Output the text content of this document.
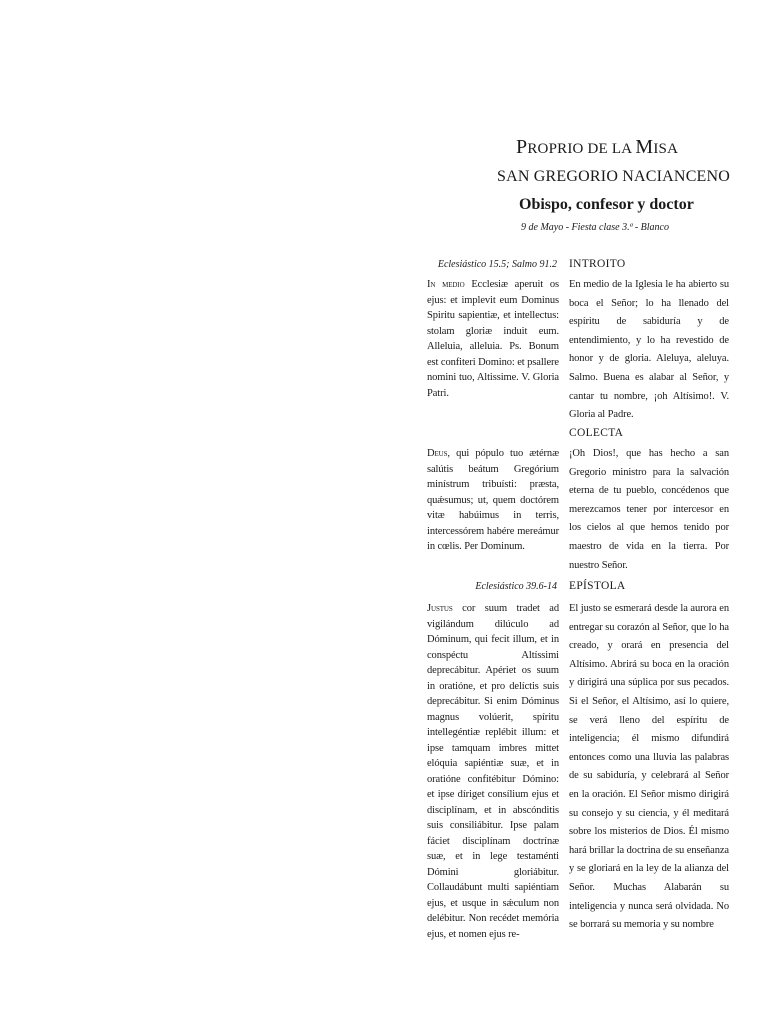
PROPRIO DE LA MISA
SAN GREGORIO NACIANCENO
Obispo, confesor y doctor
9 de Mayo - Fiesta clase 3.ª - Blanco
Eclesiástico 15.5; Salmo 91.2 INTROITO
In medio Ecclesiæ aperuit os ejus: et implevit eum Dominus Spiritu sapientiæ, et intellectus: stolam gloriæ induit eum. Alleluia, alleluia. Ps. Bonum est confiteri Domino: et psallere nomini tuo, Altissime. V. Gloria Patri.
En medio de la Iglesia le ha abierto su boca el Señor; lo ha llenado del espíritu de sabiduría y de entendimiento, y lo ha revestido de honor y de gloria. Aleluya, aleluya. Salmo. Buena es alabar al Señor, y cantar tu nombre, ¡oh Altísimo!. V. Gloria al Padre.
COLECTA
Deus, qui pópulo tuo ætérnæ salútis beátum Gregórium minístrum tribuísti: præsta, quǽsumus; ut, quem doctórem vitæ habúimus in terris, intercessórem habére mereámur in cœlis. Per Dominum.
¡Oh Dios!, que has hecho a san Gregorio ministro para la salvación eterna de tu pueblo, concédenos que merezcamos tener por intercesor en los cielos al que hemos tenido por maestro de vida en la tierra. Por nuestro Señor.
Eclesiástico 39.6-14 EPÍSTOLA
Justus cor suum tradet ad vigilándum dilúculo ad Dóminum, qui fecit illum, et in conspéctu Altíssimi deprecábitur. Apériet os suum in oratióne, et pro delíctis suis deprecábitur. Si enim Dóminus magnus volúerit, spíritu intellegéntiæ replébit illum: et ipse tamquam imbres mittet elóquia sapiéntiæ suæ, et in oratióne confitébitur Dómino: et ipse díriget consílium ejus et disciplínam, et in abscónditis suis consiliábitur. Ipse palam fáciet disciplínam doctrínæ suæ, et in lege testaménti Dómini gloriábitur. Collaudábunt multi sapiéntiam ejus, et usque in sǽculum non delébitur. Non recédet memória ejus, et nomen ejus re-
El justo se esmerará desde la aurora en entregar su corazón al Señor, que lo ha creado, y orará en presencia del Altísimo. Abrirá su boca en la oración y dirigirá una súplica por sus pecados. Si el Señor, el Altísimo, así lo quiere, se verá lleno del espíritu de inteligencia; él mismo difundirá entonces como una lluvia las palabras de su sabiduría, y celebrará al Señor en la oración. El Señor mismo dirigirá su consejo y su ciencia, y él meditará sobre los misterios de Dios. Él mismo hará brillar la doctrina de su enseñanza y se gloriará en la ley de la alianza del Señor. Muchas Alabarán su inteligencia y nunca será olvidada. No se borrará su memoria y su nombre
